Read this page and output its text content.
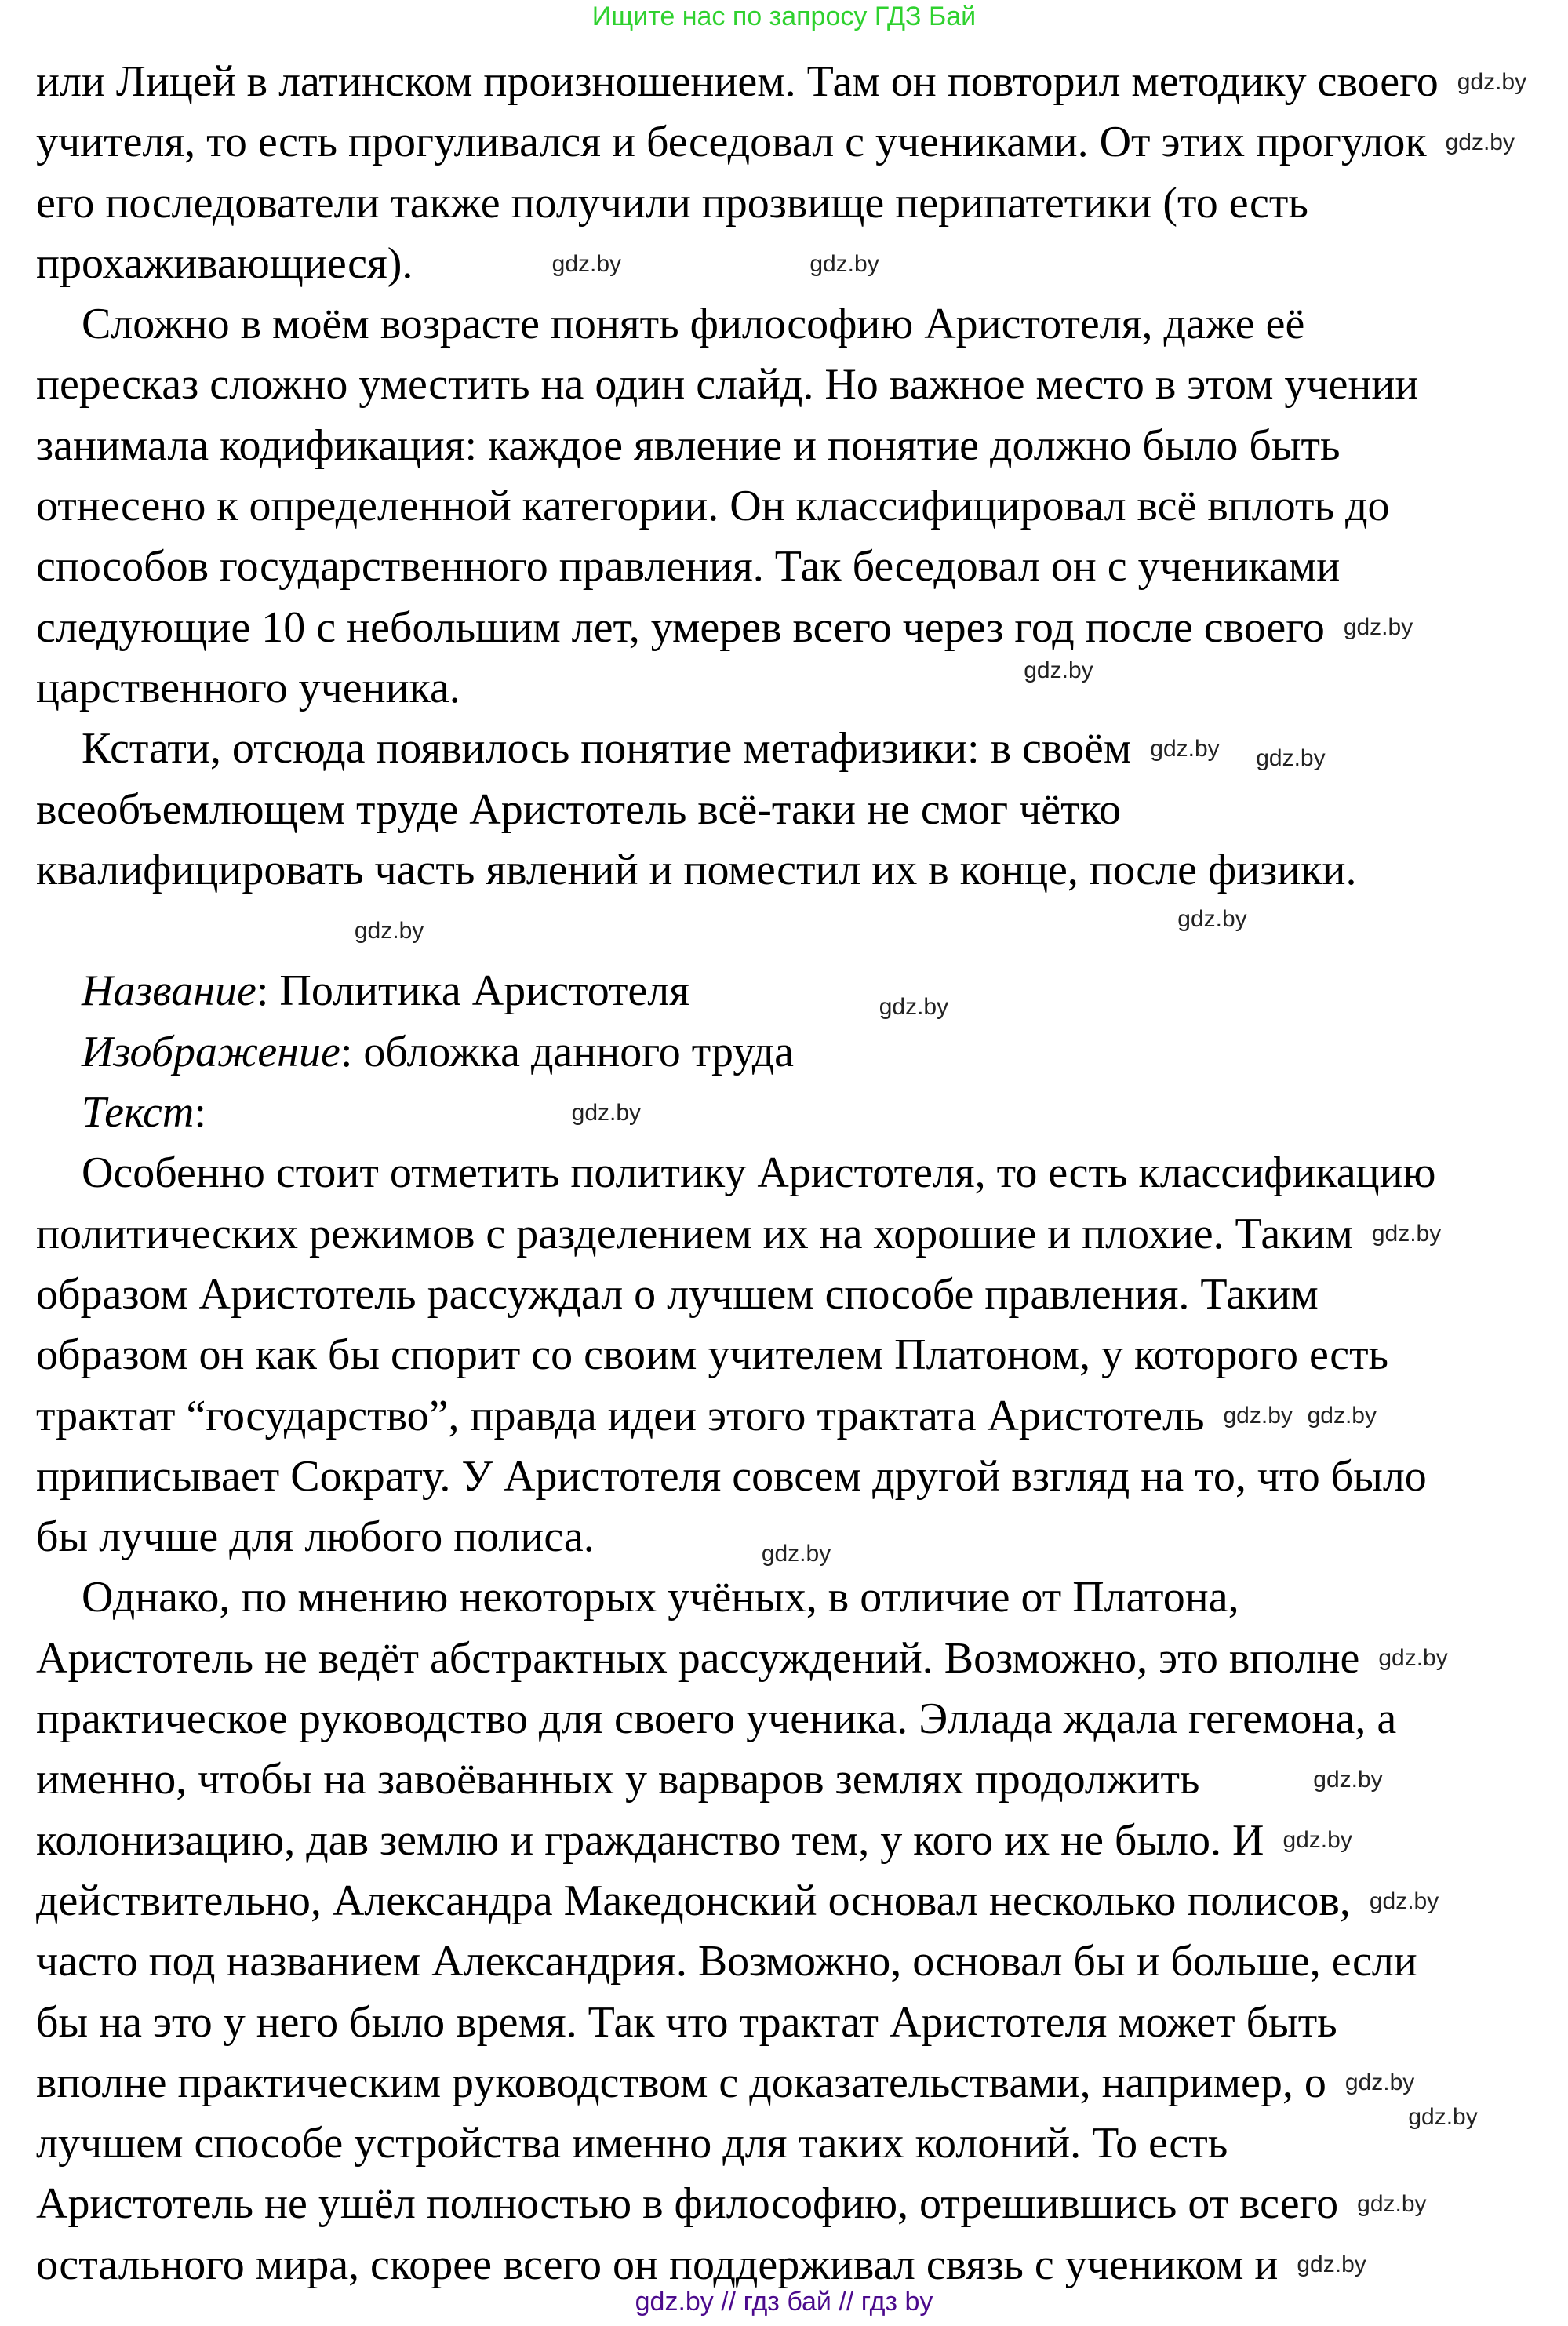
Ищите нас по запросу ГДЗ Бай
или Лицей в латинском произношением. Там он повторил методику своего
учителя, то есть прогуливался и беседовал с учениками. От этих прогулок
его последователи также получили прозвище перипатетики (то есть
прохаживающиеся).
Сложно в моём возрасте понять философию Аристотеля, даже её
пересказ сложно уместить на один слайд. Но важное место в этом учении
занимала кодификация: каждое явление и понятие должно было быть
отнесено к определенной категории. Он классифицировал всё вплоть до
способов государственного правления. Так беседовал он с учениками
следующие 10 с небольшим лет, умерев всего через год после своего
царственного ученика.
Кстати, отсюда появилось понятие метафизики: в своём
всеобъемлющем труде Аристотель всё-таки не смог чётко
квалифицировать часть явлений и поместил их в конце, после физики.
Название: Политика Аристотеля
Изображение: обложка данного труда
Текст:
Особенно стоит отметить политику Аристотеля, то есть классификацию
политических режимов с разделением их на хорошие и плохие. Таким
образом Аристотель рассуждал о лучшем способе правления. Таким
образом он как бы спорит со своим учителем Платоном, у которого есть
трактат “государство”, правда идеи этого трактата Аристотель
приписывает Сократу. У Аристотеля совсем другой взгляд на то, что было
бы лучше для любого полиса.
Однако, по мнению некоторых учёных, в отличие от Платона,
Аристотель не ведёт абстрактных рассуждений. Возможно, это вполне
практическое руководство для своего ученика. Эллада ждала гегемона, а
именно, чтобы на завоёванных у варваров землях продолжить
колонизацию, дав землю и гражданство тем, у кого их не было. И
действительно, Александра Македонский основал несколько полисов,
часто под названием Александрия. Возможно, основал бы и больше, если
бы на это у него было время. Так что трактат Аристотеля может быть
вполне практическим руководством с доказательствами, например, о
лучшем способе устройства именно для таких колоний. То есть
Аристотель не ушёл полностью в философию, отрешившись от всего
остального мира, скорее всего он поддерживал связь с учеником и
gdz.by
gdz.by
gdz.by
gdz.by
gdz.by
gdz.by
gdz.by gdz.by
gdz.by
gdz.by
gdz.by
gdz.by
gdz.by
gdz.by gdz.by
gdz.by
gdz.by
gdz.by
gdz.by
gdz.by
gdz.by
gdz.by
gdz.by
gdz.by
gdz.by // гдз бай // гдз by
